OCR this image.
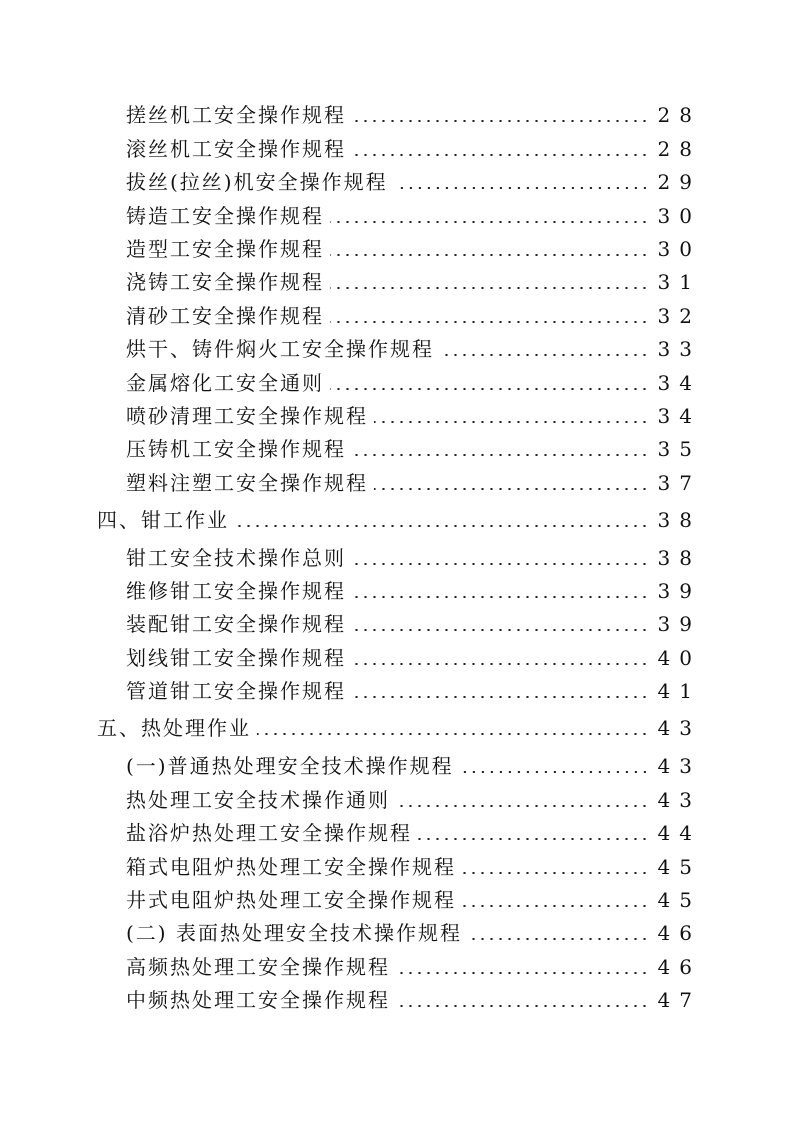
搓丝机工安全操作规程	28
滚丝机工安全操作规程	28
拔丝(拉丝)机安全操作规程	29
铸造工安全操作规程	30
造型工安全操作规程	30
浇铸工安全操作规程	31
清砂工安全操作规程	32
烘干、铸件焖火工安全操作规程	33
金属熔化工安全通则	34
喷砂清理工安全操作规程	34
压铸机工安全操作规程	35
塑料注塑工安全操作规程	37
四、钳工作业	38
钳工安全技术操作总则	38
维修钳工安全操作规程	39
装配钳工安全操作规程	39
划线钳工安全操作规程	40
管道钳工安全操作规程	41
五、热处理作业	43
(一)普通热处理安全技术操作规程	43
热处理工安全技术操作通则	43
盐浴炉热处理工安全操作规程	44
箱式电阻炉热处理工安全操作规程	45
井式电阻炉热处理工安全操作规程	45
(二) 表面热处理安全技术操作规程	46
高频热处理工安全操作规程	46
中频热处理工安全操作规程	47
